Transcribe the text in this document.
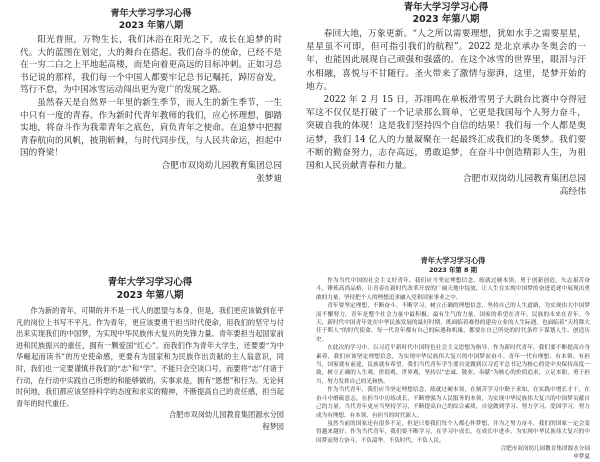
青年大学习学习心得
2023 年第八期

阳光普照，万物生长，我们沐浴在阳光之下，成长在追梦的时代。大的蓝图在划定，大的舞台在搭起。我们奋斗的使命，已经不是在一穷二白之上平地起高楼，而是向着更高远的目标冲刺。正如习总书记说的那样，我们每一个中国人都要牢记总书记嘱托，踔厉奋发，笃行不怠，为中国冰雪运动闯出更为宽广的发展之路。

虽然春天是自然界一年里的新生季节，而人生的新生季节，一生中只有一度的青春。作为新时代青年教师的我们，应心怀理想，脚踏实地，将奋斗作为我辈青年之底色，肩负青年之使命。在追梦中把握青春航向的风帆，披荆斩棘，与时代同步伐，与人民共命运，担起中国的脊梁！

合肥市双岗幼儿园教育集团总园
张梦迪
青年大学习学习心得
2023 年第八期

春回大地，万象更新。“人之所以需要理想，犹如水手之需要星星，星星虽不可即，但可指引我们的航程”。2022 是北京承办冬奥会的一年，也能因此展现自己顽强和强盛的。在这个冰雪的世界里，眼泪与汗水相融，喜悦与不甘随行。圣火带来了激情与澎湃，这里，是梦开始的地方。

2022 年 2 月 15 日，苏翊鸣在单板滑雪男子大跳台比赛中夺得冠军这不仅仅是打破了一个记录那么简单，它更是我国每个人努力奋斗，突破自我的体现！这是我们坚持四个自信的结果！我们每一个人都是奥运梦，我们 14 亿人的力量凝聚在一起最终汇成我们的冬奥梦。我们要不断的勤奋努力，志存高远，勇敢追梦，在奋斗中创造精彩人生，为祖国和人民贡献青春和力量。

合肥市双岗幼儿园教育集团总园
高经伟
青年大学习学习心得
2023 年第八期

作为新的青年，可期的并不是一代人的愿望与本身，但是，我们更应该做到在平凡的岗位上书写不平凡。作为青年，更应该要勇于担当时代使命，用我们的坚守与付出来实现我们的中国梦，为实现中华民族伟大复兴的先锋力量。青年要担当起国家前进和民族振兴的重任，拥有一颗爱国“红心”。而我们作为青年大学生，还要要“为中华崛起而读书”的历史使命感，更要有为国家和为民族作出贡献的主人翁意识，同时，我们也一定要谨慎并我们的“志”和“学”，不能只会空谈口号，而要将“志”付诸于行动，在行动中实践自己所想的和能够做的，实事求是，拥有“恩想”和行为。无论何时何地，我们都应该坚持科学的态度和求实的精神，不断提高自己的责任感，担当起青年的时代重任。

合肥市双岗幼儿园教育集团源水分园
程梦园
青年大学习学习心得
2023 年第 8 期

作为当代中国的社会主义好青年，我们应当坚定理想信念，练就过硬本领，勇于创新创造，矢志艰苦奋斗，锤炼高尚品格，让青春在新时代改革开放的广阔天地中绽放，让人生在实现中国梦的奋进追逐中展现出勇敢的力量，坚持把个人的理想追求融入党和国家事业之中。

青年要坚定理想，不断奋斗。不断学习，树立正确的理想信念，坚持自己的人生道路，为实现伟大中国梦而不懈努力。青年是整个社会力量中最积极、最有生气的力量，国家的希望在青年，民族的未来在青年。今天，新时代中国青年处在中华民族发展的最好时期，既面临着难得的建功立业的人生际遇，也面临着“天将降大任于斯人”的时代使命，每一代青年都有自己的际遇和机缘，都要在自己所处的时代条件下谋划人生、创造历史。

在此次的学习中，以习近平新时代中国特色社会主义思想为指导，作为新时代青年，我们要不断提高自身素养，我们应该坚定理想信念，为实现中华民族伟大复兴的中国梦而奋斗。青年一代有理想、有本领、有担当，国家就有前途，民族就有希望。我们当代青年学生要自觉做到以习近平总书记为核心的党中央保持高度一致，树立正确的人生观、价值观、世界观，坚持以“忠诚、敬业、奉献”为核心的价值追求，立足本职，勇于担当，努力发挥自己的光和热。

作为当代青年，我们应当坚定理想信念，练就过硬本领，在刻苦学习中勤于求知，在实践中增长才干，在奋斗中磨砺意志，在担当中历练成长，不断增强为人民服务的本领，为实现中华民族伟大复兴的中国梦贡献自己的力量。当代青年更应当坚持学习，不断提高自己的综合素质，自觉做到学习、努力学习、爱国学习，努力成为有理想、有本领、有担当的时代新人。

虽然当前的国家还有很多不足，但是只要我们每个人都心怀梦想，并为之努力奋斗，我们的国家一定会变得越来越好。作为当代青年，我们要不断学习，在学习中成长，在成长中进步，为实现中华民族伟大复兴的中国梦而努力奋斗，不负韶华，不负时代，不负人民。

合肥市双岗幼儿园教育集团源水分园
申梦夏
